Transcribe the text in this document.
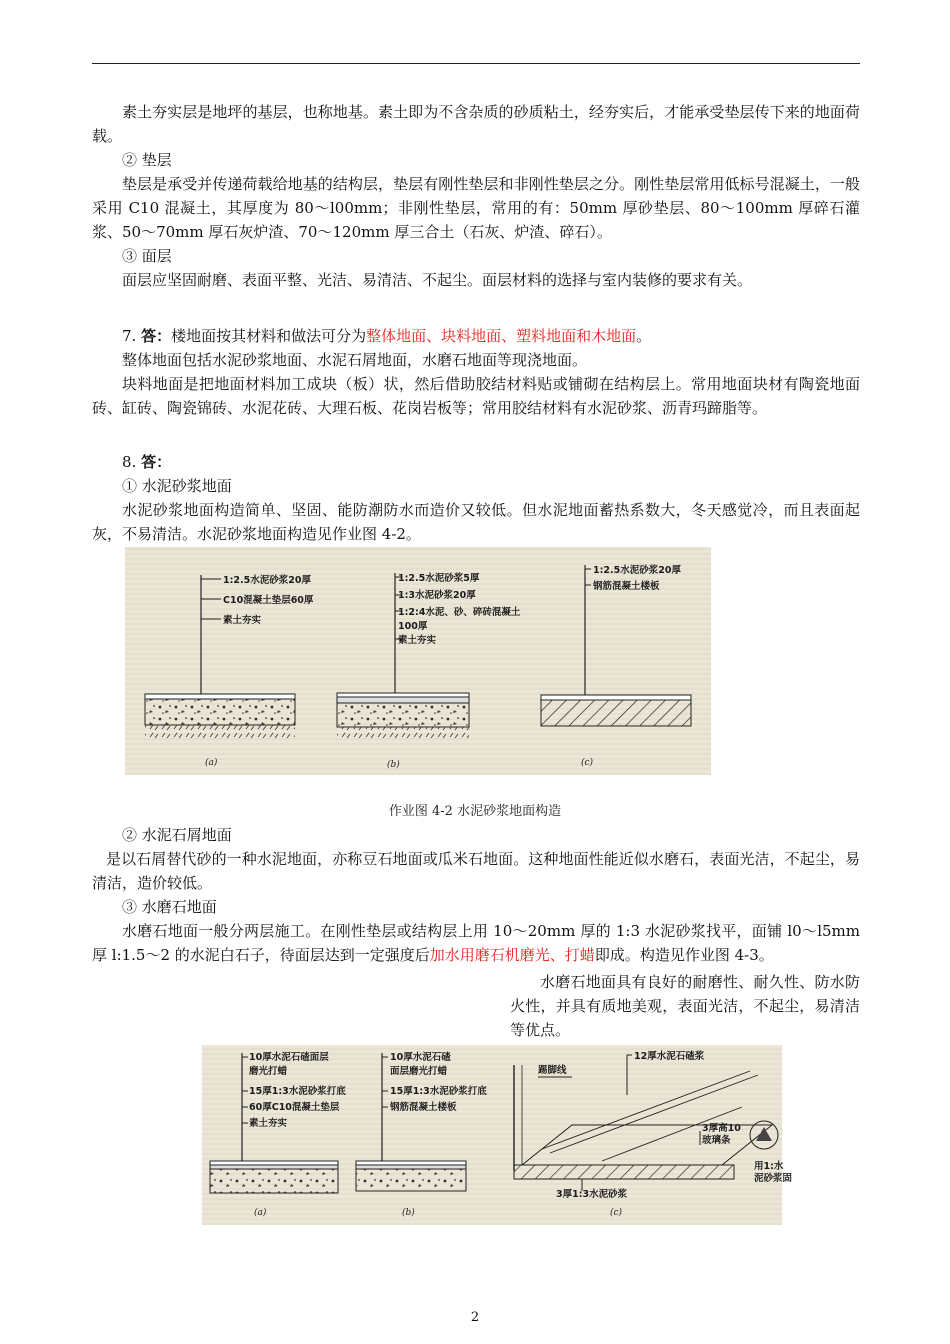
素土夯实层是地坪的基层，也称地基。素土即为不含杂质的砂质粘土，经夯实后，才能承受垫层传下来的地面荷载。

② 垫层

垫层是承受并传递荷载给地基的结构层，垫层有刚性垫层和非刚性垫层之分。刚性垫层常用低标号混凝土，一般采用 C10 混凝土，其厚度为 80～l00mm；非刚性垫层，常用的有：50mm 厚砂垫层、80～100mm 厚碎石灌浆、50～70mm 厚石灰炉渣、70～120mm 厚三合土（石灰、炉渣、碎石）。

③ 面层

面层应坚固耐磨、表面平整、光洁、易清洁、不起尘。面层材料的选择与室内装修的要求有关。

7. 答：楼地面按其材料和做法可分为整体地面、块料地面、塑料地面和木地面。

整体地面包括水泥砂浆地面、水泥石屑地面，水磨石地面等现浇地面。

块料地面是把地面材料加工成块（板）状，然后借助胶结材料贴或铺砌在结构层上。常用地面块材有陶瓷地面砖、缸砖、陶瓷锦砖、水泥花砖、大理石板、花岗岩板等；常用胶结材料有水泥砂浆、沥青玛蹄脂等。

8. 答：

① 水泥砂浆地面

水泥砂浆地面构造简单、坚固、能防潮防水而造价又较低。但水泥地面蓄热系数大，冬天感觉冷，而且表面起灰，不易清洁。水泥砂浆地面构造见作业图 4-2。

1:2.5水泥砂浆20厚
C10混凝土垫层60厚
素土夯实
(a)
1:2.5水泥砂浆5厚
1:3水泥砂浆20厚
1:2:4水泥、砂、碎砖混凝土
100厚
素土夯实
(b)
1:2.5水泥砂浆20厚
钢筋混凝土楼板
(c)
作业图 4-2 水泥砂浆地面构造

② 水泥石屑地面

是以石屑替代砂的一种水泥地面，亦称豆石地面或瓜米石地面。这种地面性能近似水磨石，表面光洁，不起尘，易清洁，造价较低。

③ 水磨石地面

水磨石地面一般分两层施工。在刚性垫层或结构层上用 10～20mm 厚的 1:3 水泥砂浆找平，面铺 l0～l5mm 厚 l:1.5～2 的水泥白石子，待面层达到一定强度后加水用磨石机磨光、打蜡即成。构造见作业图 4-3。

水磨石地面具有良好的耐磨性、耐久性、防水防火性，并具有质地美观，表面光洁，不起尘，易清洁等优点。

10厚水泥石碴面层
磨光打蜡
15厚1:3水泥砂浆打底
60厚C10混凝土垫层
素土夯实
(a)
10厚水泥石碴
面层磨光打蜡
15厚1:3水泥砂浆打底
钢筋混凝土楼板
(b)
12厚水泥石碴浆
踢脚线
3厚高10
玻璃条
3厚1:3水泥砂浆
(c)
用1:水
泥砂浆固
2
